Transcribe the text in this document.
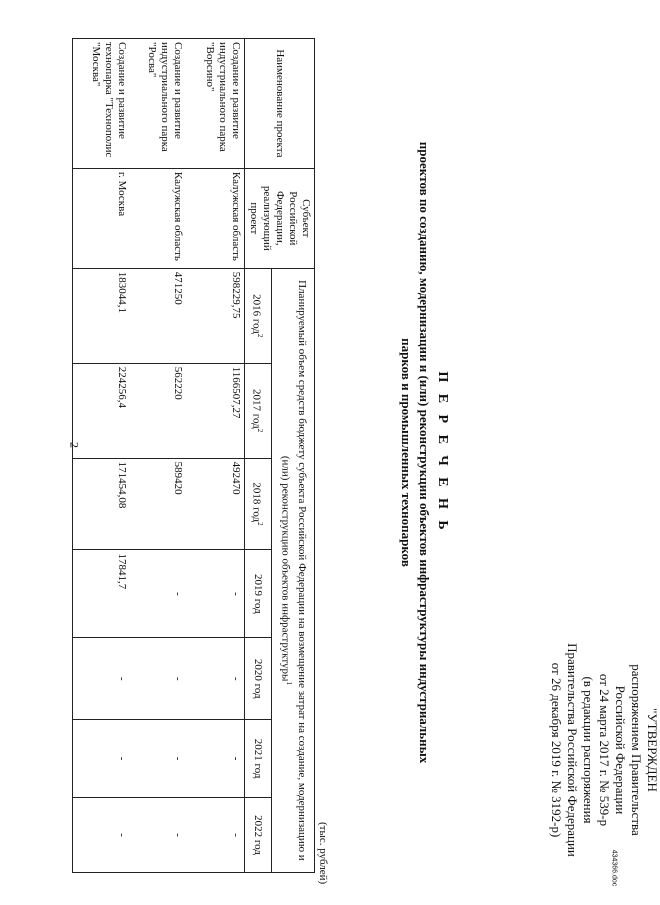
2
434366.doc
"УТВЕРЖДЕН
распоряжением Правительства
Российской Федерации
от 24 марта 2017 г. № 539-р
(в редакции распоряжения
Правительства Российской Федерации
от 26 декабря 2019 г. № 3192-р)
П Е Р Е Ч Е Н Ь
проектов по созданию, модернизации и (или) реконструкции объектов инфраструктуры индустриальных
парков и промышленных технопарков
(тыс. рублей)
Наименование проекта	Субъект Российской Федерации, реализующий проект	Планируемый объем средств бюджету субъекта Российской Федерации на возмещение затрат на создание, модернизацию и (или) реконструкцию объектов инфраструктуры$^1$
		2016 год$^2$	2017 год$^2$	2018 год$^2$	2019 год	2020 год	2021 год	2022 год
Создание и развитие индустриального парка "Ворсино"	Калужская область	598229,75	1166507,27	492470	-	-	-	-
Создание и развитие индустриального парка "Росва"	Калужская область	471250	562220	589420	-	-	-	-
Создание и развитие технопарка "Технополис "Москва"	г. Москва	183044,1	224256,4	171454,08	17841,7	-	-	-
